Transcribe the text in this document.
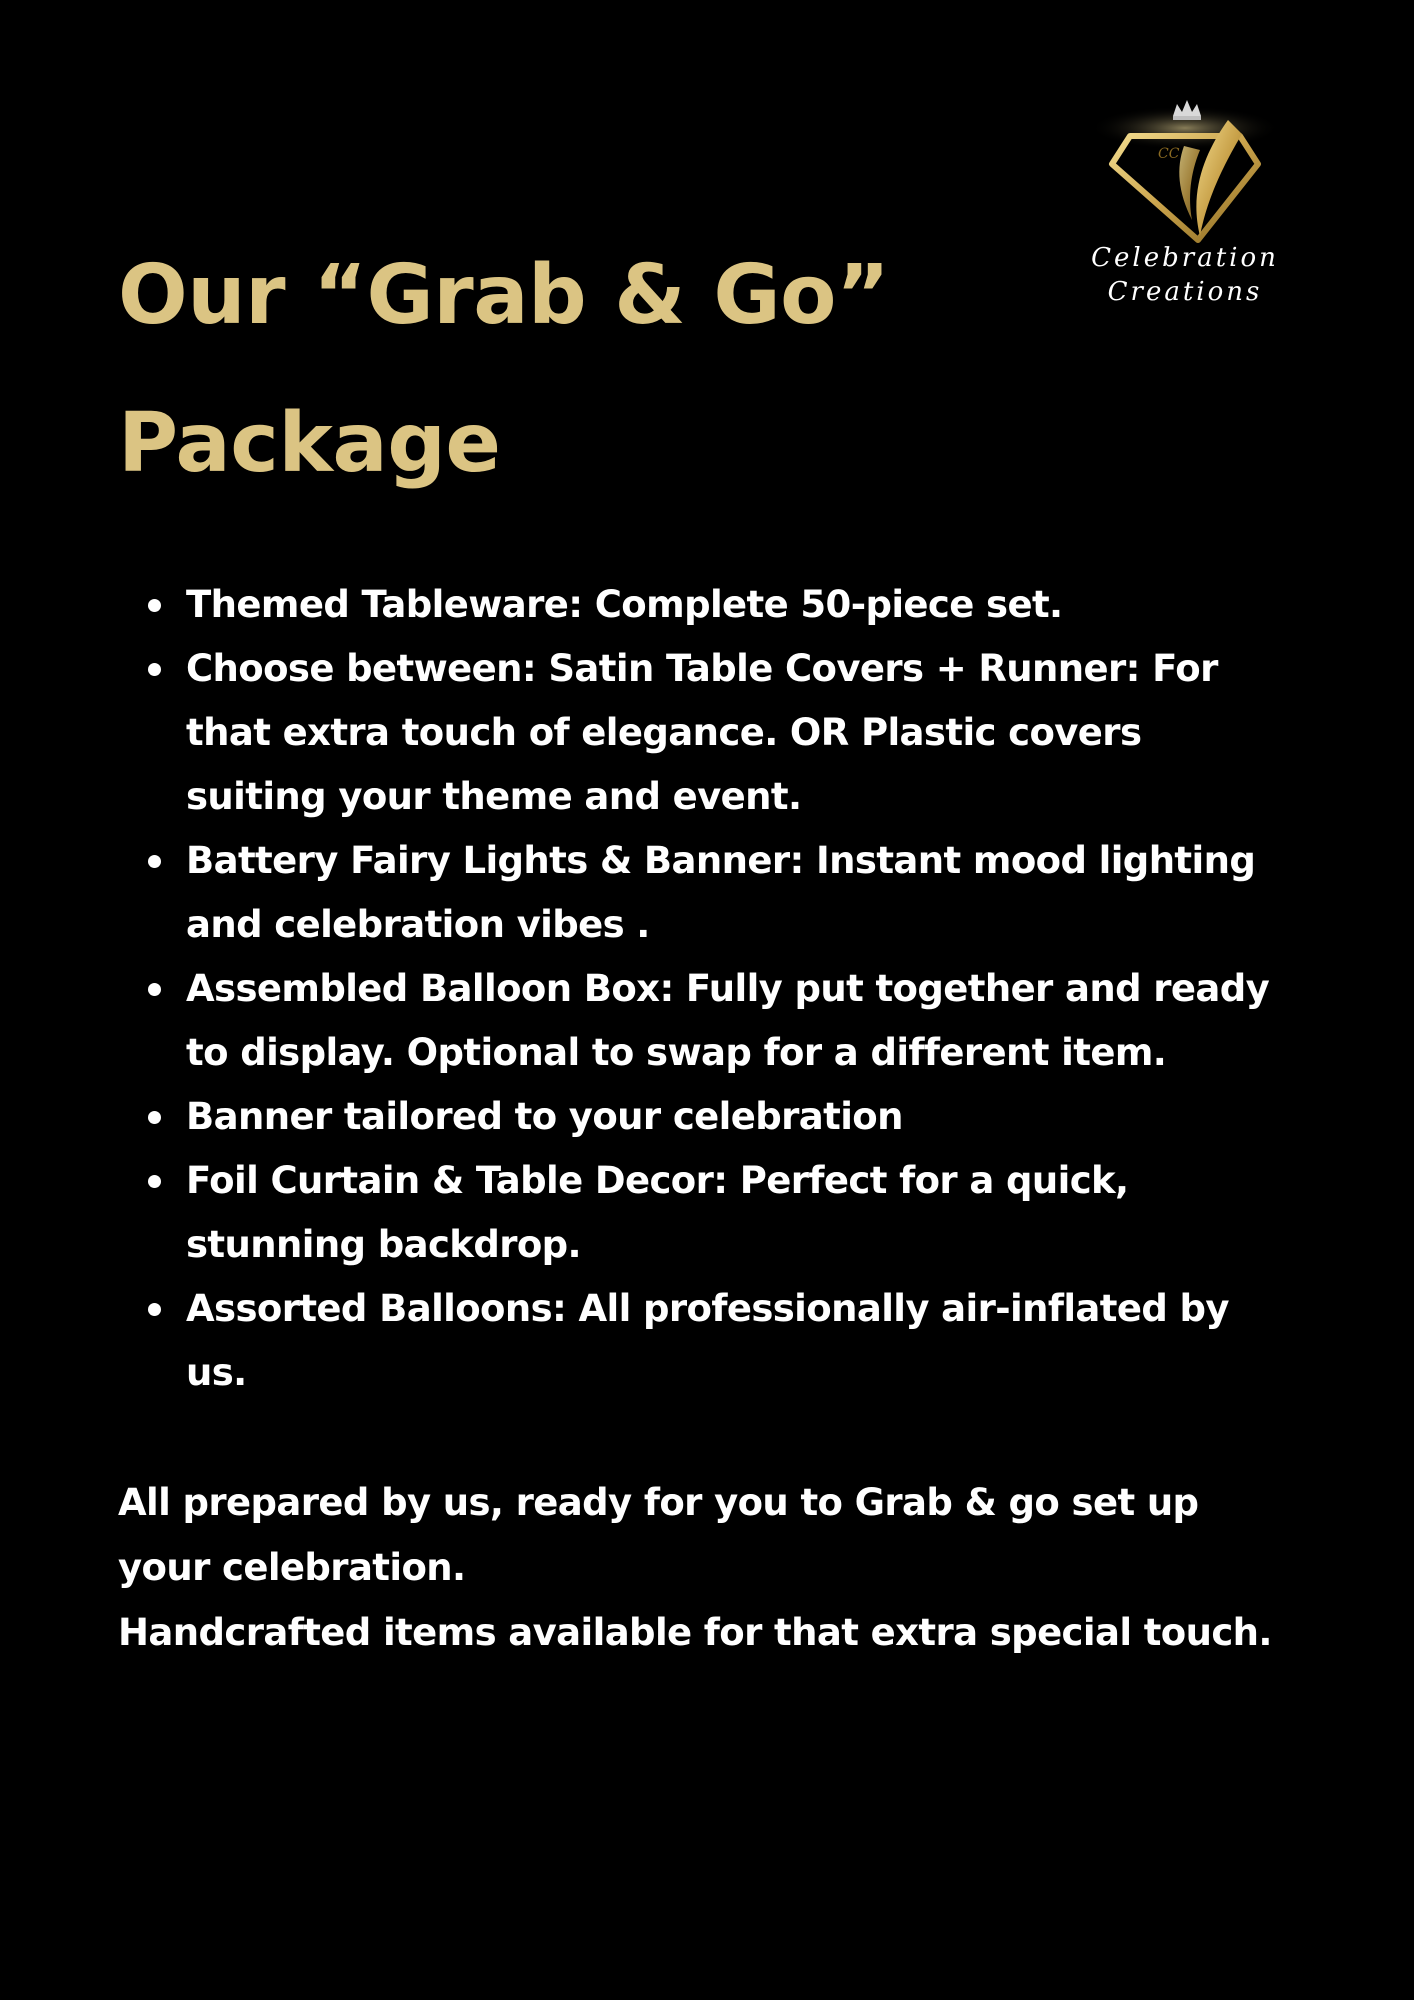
Our “Grab & Go”
Package
CC
Celebration
Creations
Themed Tableware: Complete 50-piece set.
Choose between: Satin Table Covers + Runner: For that extra touch of elegance. OR Plastic covers suiting your theme and event.
Battery Fairy Lights & Banner: Instant mood lighting and celebration vibes .
Assembled Balloon Box: Fully put together and ready to display. Optional to swap for a different item.
Banner tailored to your celebration
Foil Curtain & Table Decor: Perfect for a quick, stunning backdrop.
Assorted Balloons: All professionally air-inflated by us.

All prepared by us, ready for you to Grab & go set up your celebration.

Handcrafted items available for that extra special touch.
